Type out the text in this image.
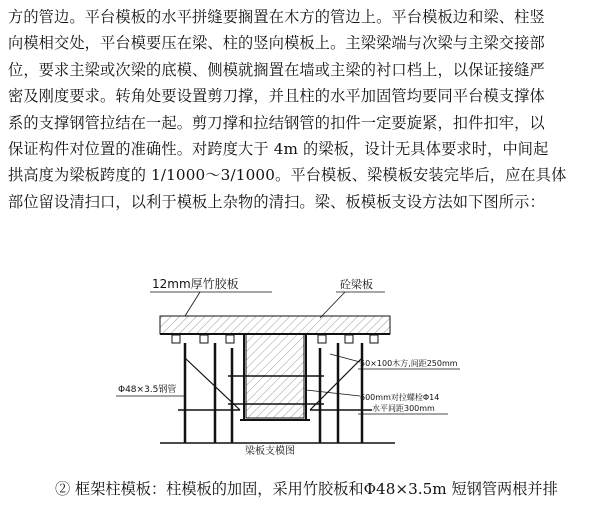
方的管边。平台模板的水平拼缝要搁置在木方的管边上。平台模板边和梁、柱竖
向模相交处，平台模要压在梁、柱的竖向模板上。主梁梁端与次梁与主梁交接部
位，要求主梁或次梁的底模、侧模就搁置在墙或主梁的衬口档上，以保证接缝严
密及刚度要求。转角处要设置剪刀撑，并且柱的水平加固管均要同平台模支撑体
系的支撑钢管拉结在一起。剪刀撑和拉结钢管的扣件一定要旋紧，扣件扣牢，以
保证构件对位置的准确性。对跨度大于 4m 的梁板，设计无具体要求时，中间起
拱高度为梁板跨度的 1/1000～3/1000。平台模板、梁模板安装完毕后，应在具体
部位留设清扫口，以利于模板上杂物的清扫。梁、板模板支设方法如下图所示：
12mm厚竹胶板	砼梁板
50×100木方,间距250mm
600mm对拉螺栓Φ14
水平间距300mm
Φ48×3.5钢管
梁板支模图
② 框架柱模板：柱模板的加固，采用竹胶板和Φ48×3.5m 短钢管两根并排
